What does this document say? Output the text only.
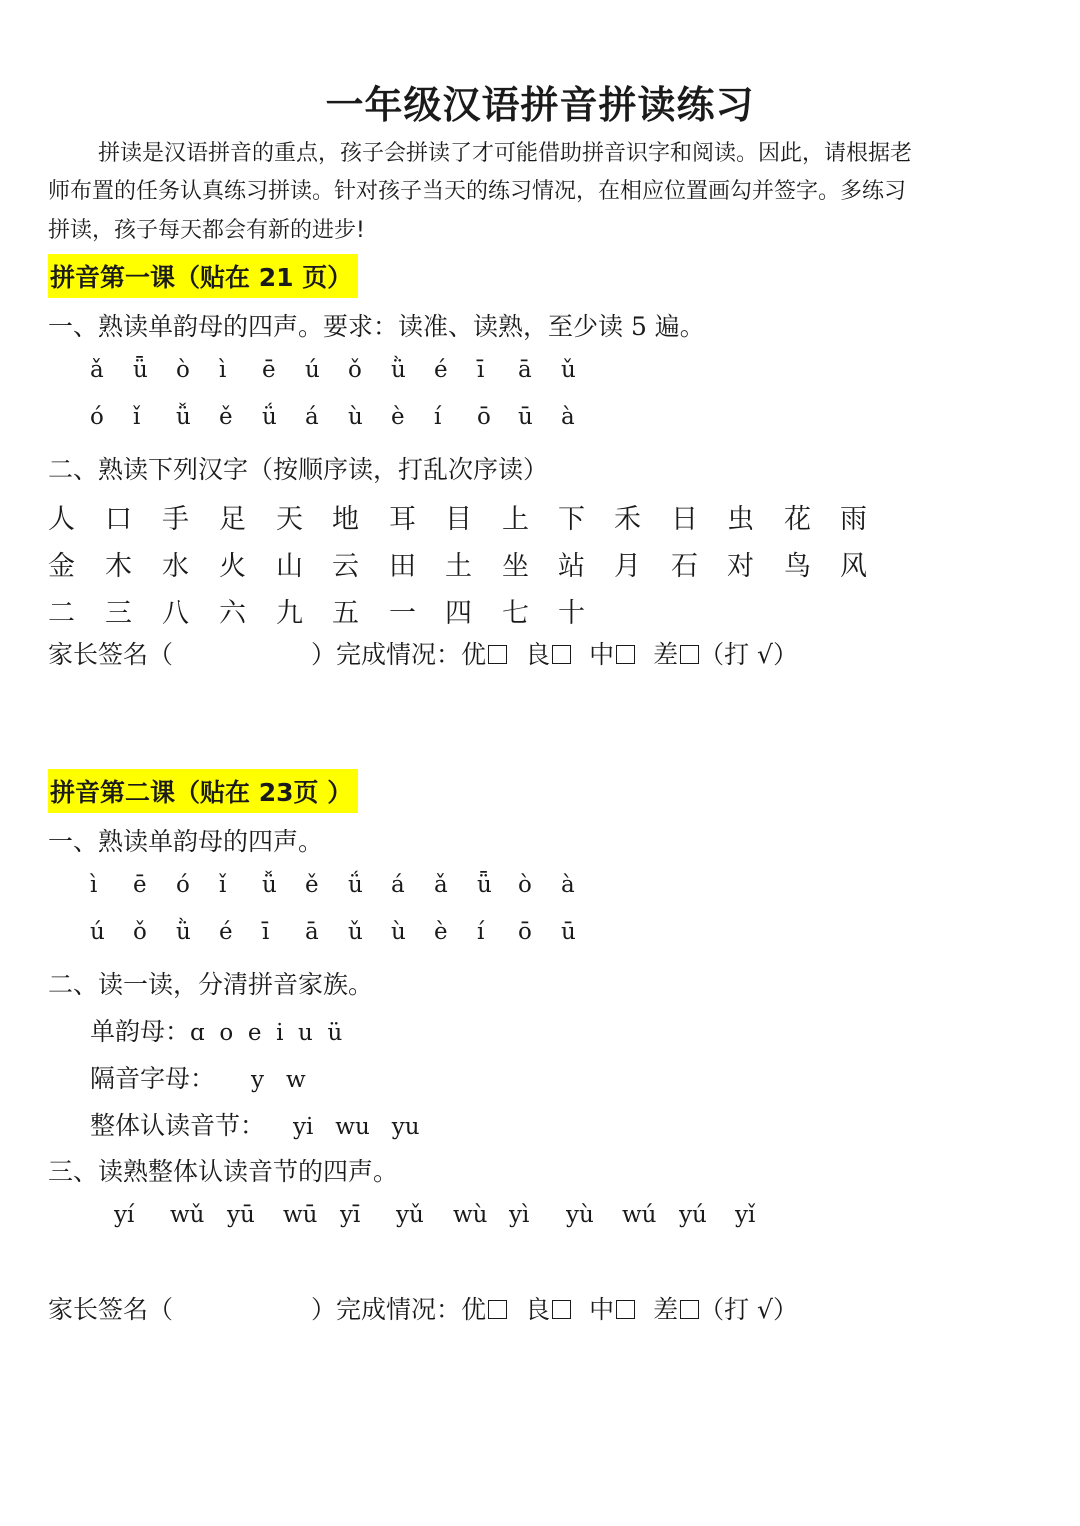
一年级汉语拼音拼读练习
拼读是汉语拼音的重点，孩子会拼读了才可能借助拼音识字和阅读。因此，请根据老
师布置的任务认真练习拼读。针对孩子当天的练习情况，在相应位置画勾并签字。多练习
拼读，孩子每天都会有新的进步!
拼音第一课（贴在 21 页）
一、熟读单韵母的四声。要求：读准、读熟，至少读 5 遍。
ǎ ǖ ò ì ē ú ǒ ǜ é ī ā ǔ
ó ǐ ǚ ě ǘ á ù è í ō ū à
二、熟读下列汉字（按顺序读，打乱次序读）
人 口 手 足 天 地 耳 目 上 下 禾 日 虫 花 雨
金 木 水 火 山 云 田 土 坐 站 月 石 对 鸟 风
二 三 八 六 九 五 一 四 七 十
家长签名（	）完成情况：优 良 中 差 （打 √）
拼音第二课（贴在 23页 ）
一、熟读单韵母的四声。
ì ē ó ǐ ǚ ě ǘ á ǎ ǖ ò à
ú ǒ ǜ é ī ā ǔ ù è í ō ū
二、读一读，分清拼音家族。
单韵母：ɑ  o  e  i  u  ü
隔音字母： y   w
整体认读音节： yi   wu   yu
三、读熟整体认读音节的四声。
yí wǔ yū wū yī yǔ wù yì yù wú yú yǐ
家长签名（	）完成情况：优 良 中 差 （打 √）
